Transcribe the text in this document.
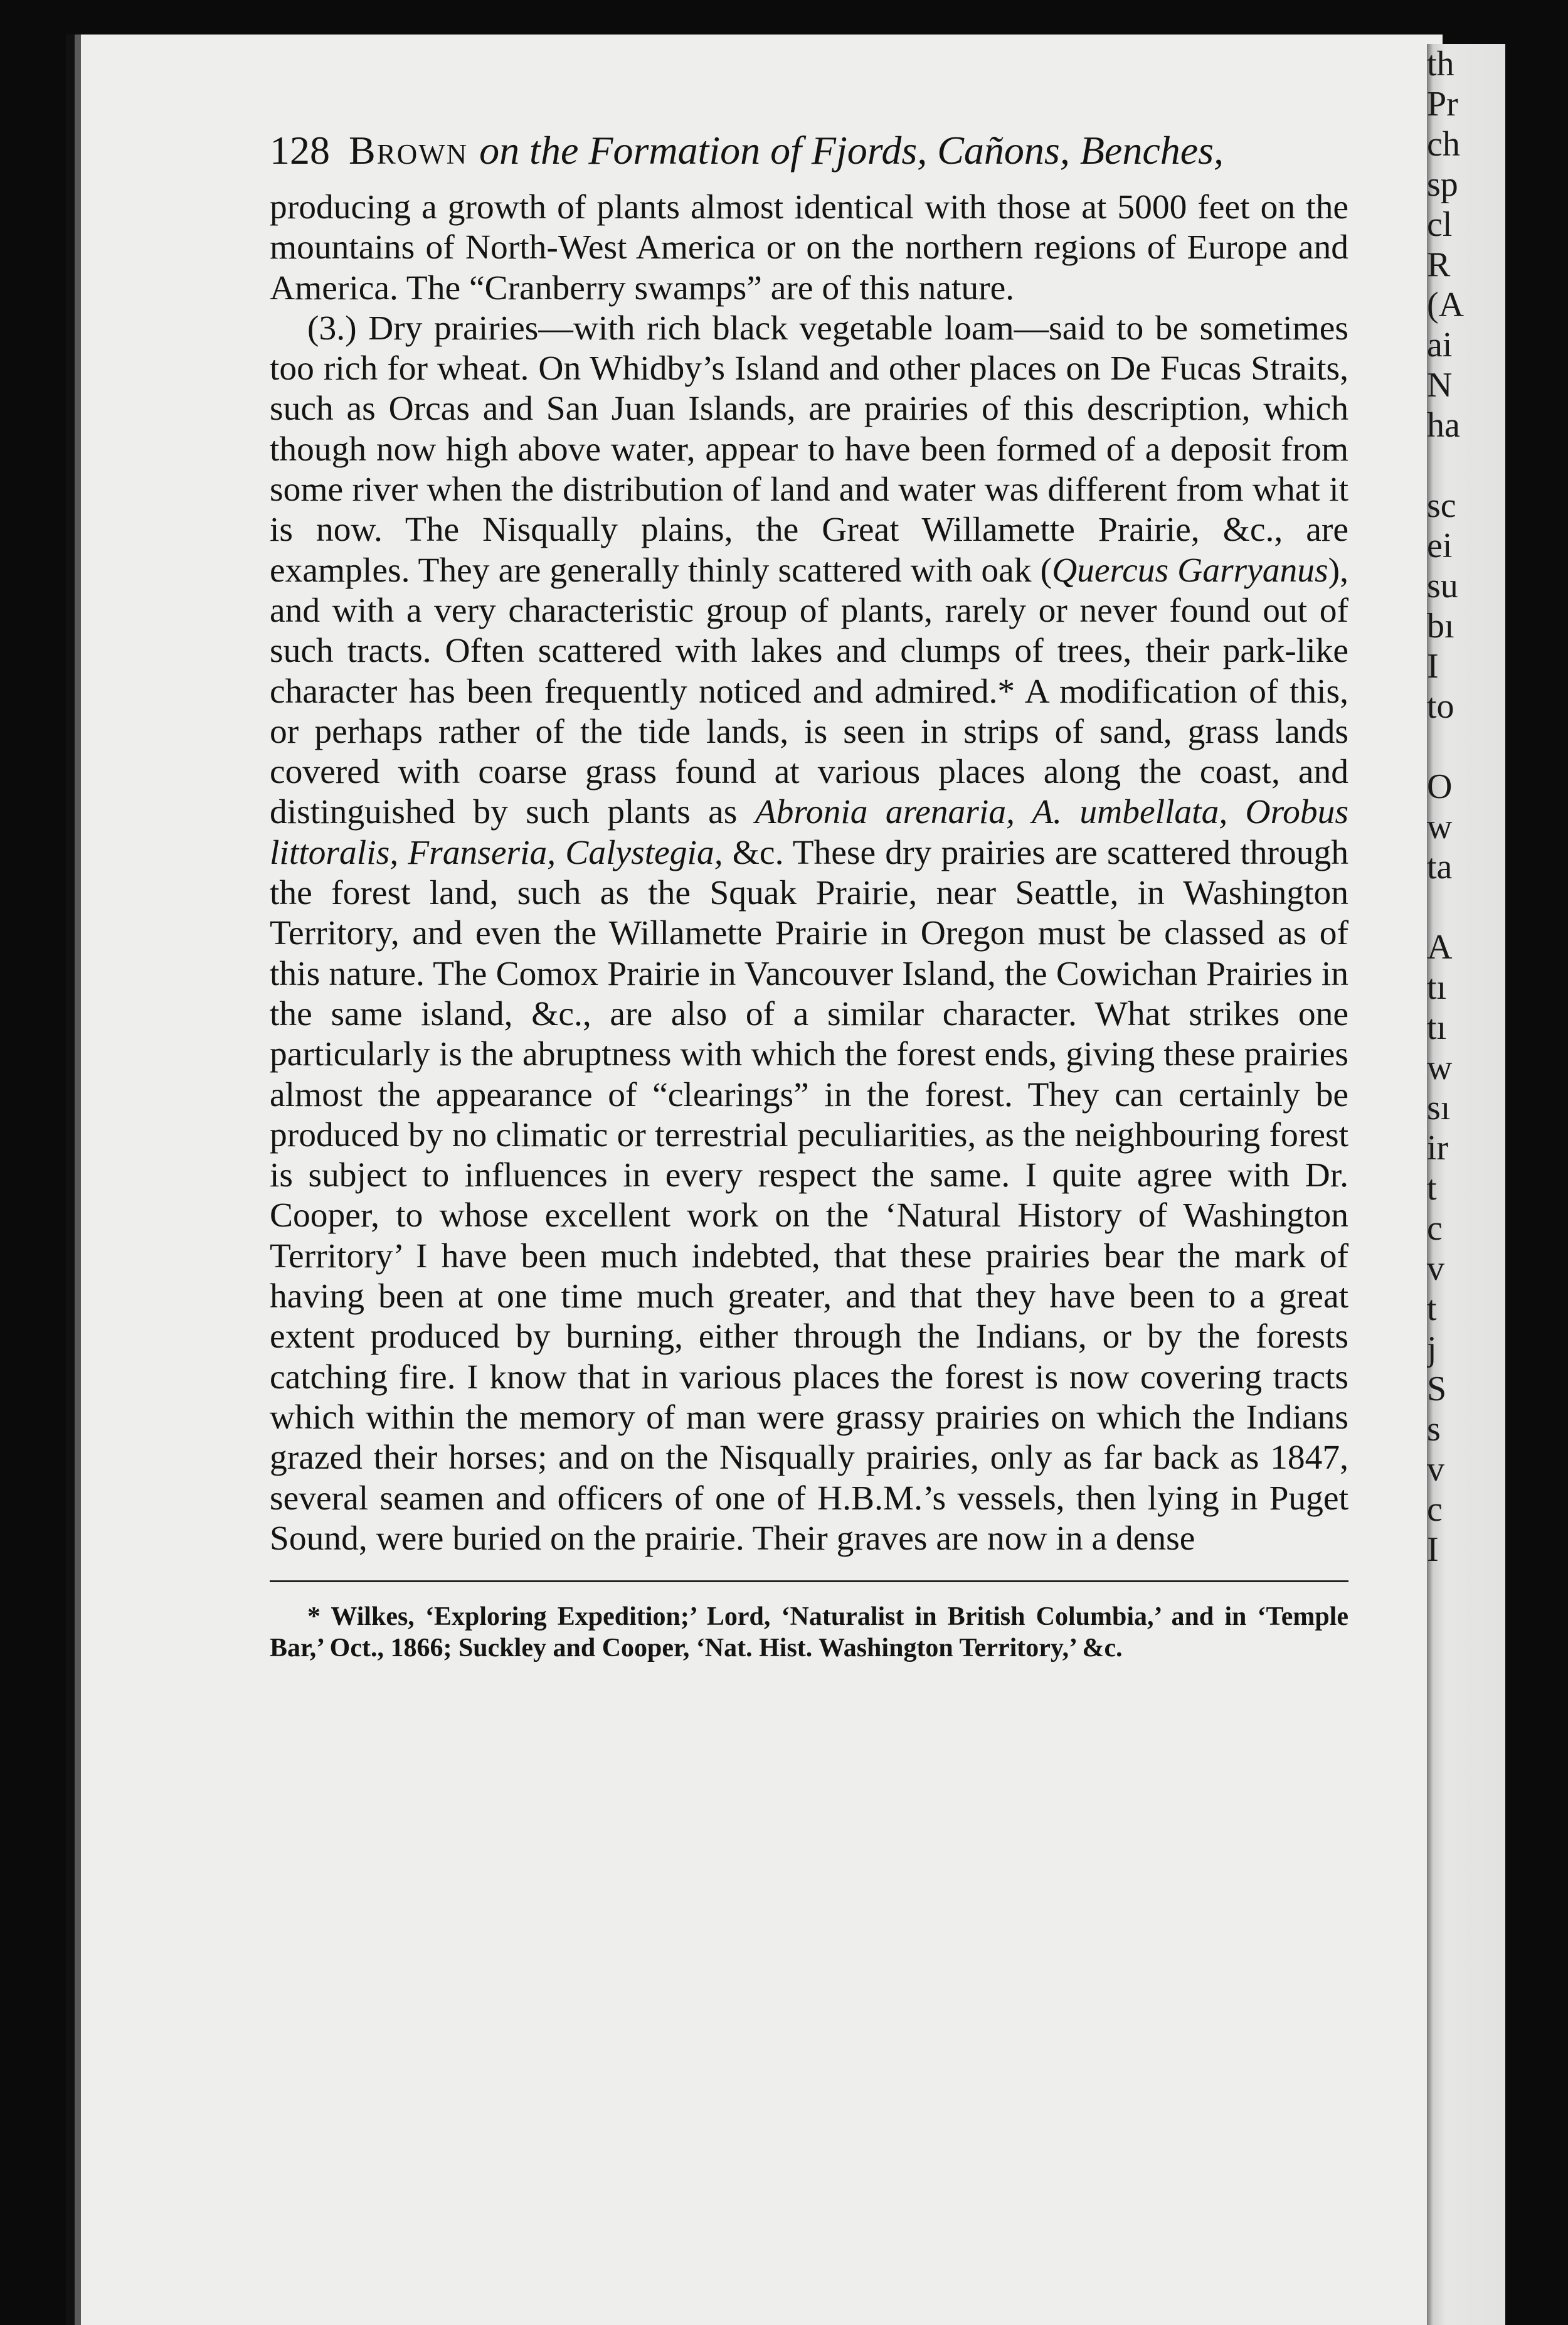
th
Pr
ch
sp
cl
R
(A
ai
N
ha

sc
ei
su
bı
I
to

O
w
ta

A
tı
tı
w
sı
ir
t
c
v
t
j
S
s
v
c
I
128 Brown on the Formation of Fjords, Cañons, Benches,

producing a growth of plants almost identical with those at 5000 feet on the mountains of North-West America or on the northern regions of Europe and America. The “Cranberry swamps” are of this nature.

(3.) Dry prairies—with rich black vegetable loam—said to be sometimes too rich for wheat. On Whidby’s Island and other places on De Fucas Straits, such as Orcas and San Juan Islands, are prairies of this description, which though now high above water, appear to have been formed of a deposit from some river when the distribution of land and water was different from what it is now. The Nisqually plains, the Great Willamette Prairie, &c., are examples. They are generally thinly scattered with oak (Quercus Garryanus), and with a very characteristic group of plants, rarely or never found out of such tracts. Often scattered with lakes and clumps of trees, their park-like character has been frequently noticed and admired.* A modification of this, or perhaps rather of the tide lands, is seen in strips of sand, grass lands covered with coarse grass found at various places along the coast, and distinguished by such plants as Abronia arenaria, A. umbellata, Orobus littoralis, Franseria, Calystegia, &c. These dry prairies are scattered through the forest land, such as the Squak Prairie, near Seattle, in Washington Territory, and even the Willamette Prairie in Oregon must be classed as of this nature. The Comox Prairie in Vancouver Island, the Cowichan Prairies in the same island, &c., are also of a similar character. What strikes one particularly is the abruptness with which the forest ends, giving these prairies almost the appearance of “clearings” in the forest. They can certainly be produced by no climatic or terrestrial peculiarities, as the neighbouring forest is subject to influences in every respect the same. I quite agree with Dr. Cooper, to whose excellent work on the ‘Natural History of Washington Territory’ I have been much indebted, that these prairies bear the mark of having been at one time much greater, and that they have been to a great extent produced by burning, either through the Indians, or by the forests catching fire. I know that in various places the forest is now covering tracts which within the memory of man were grassy prairies on which the Indians grazed their horses; and on the Nisqually prairies, only as far back as 1847, several seamen and officers of one of H.B.M.’s vessels, then lying in Puget Sound, were buried on the prairie. Their graves are now in a dense

* Wilkes, ‘Exploring Expedition;’ Lord, ‘Naturalist in British Columbia,’ and in ‘Temple Bar,’ Oct., 1866; Suckley and Cooper, ‘Nat. Hist. Washington Territory,’ &c.
